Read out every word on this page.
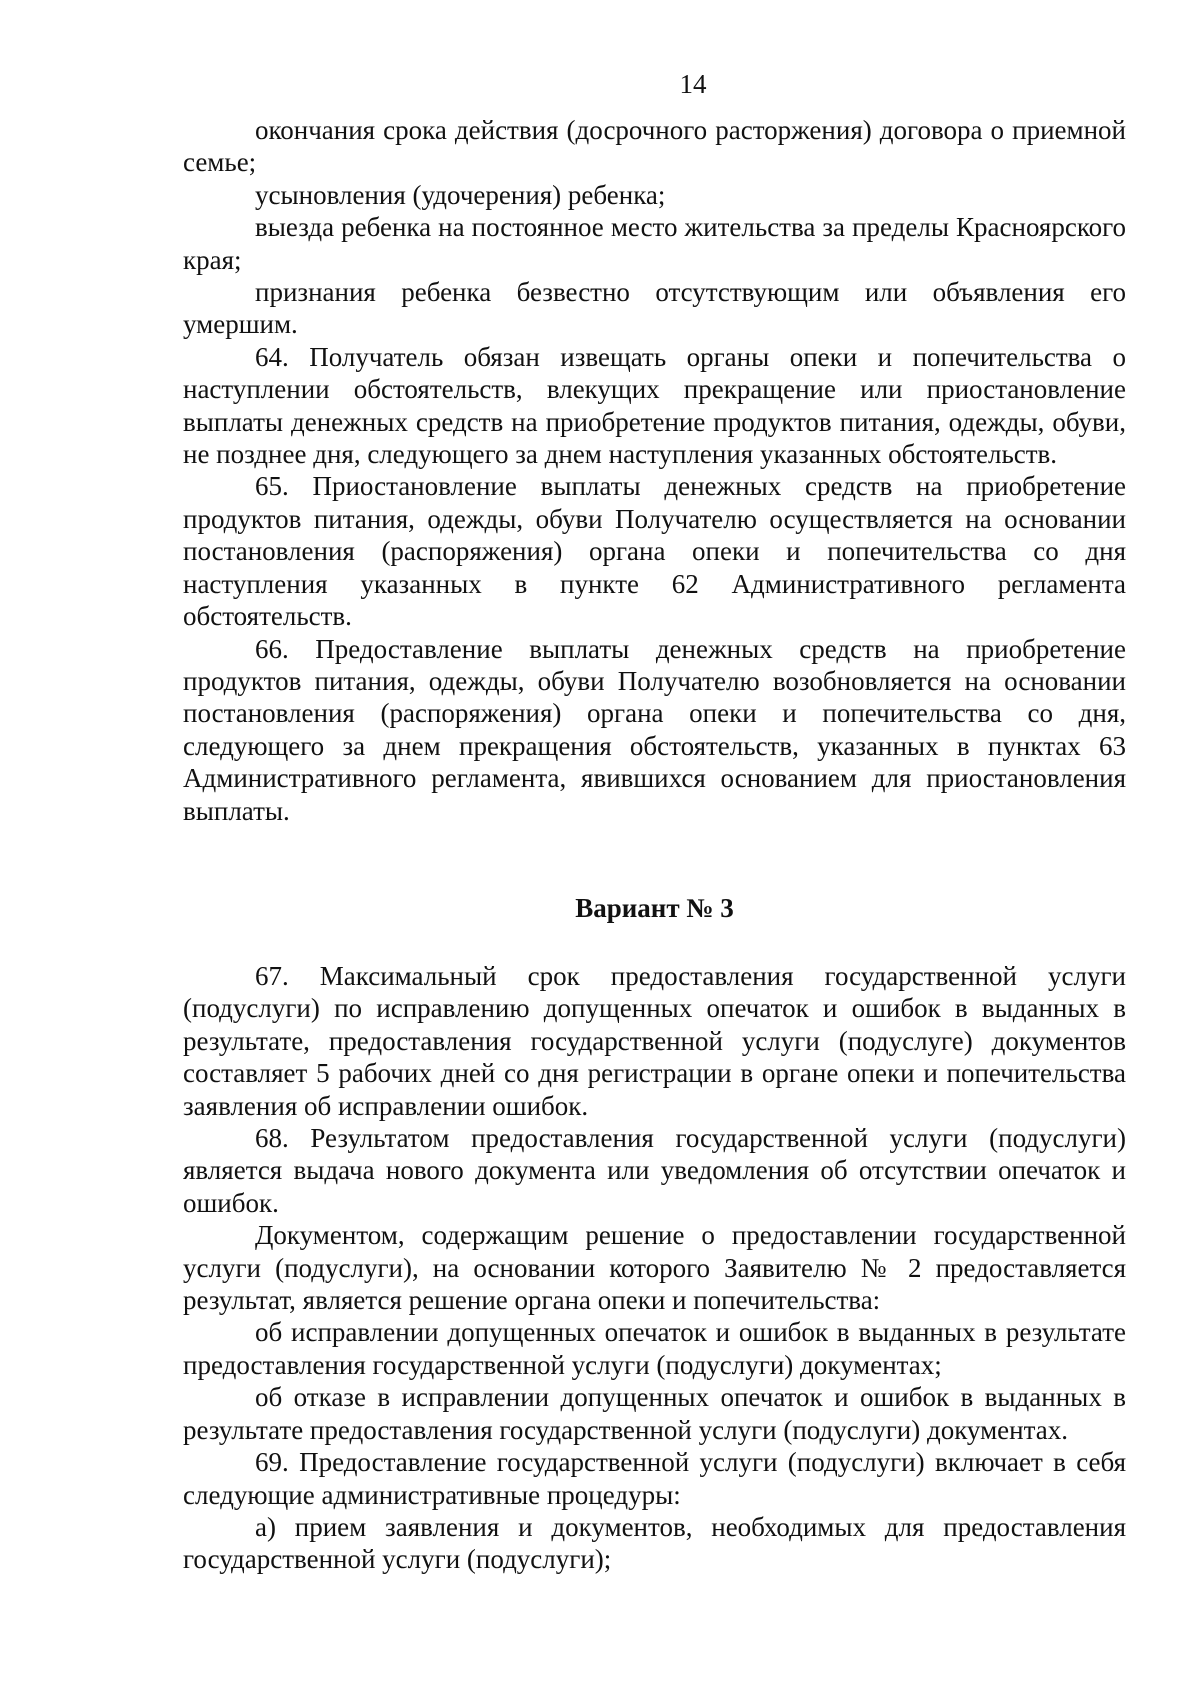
14

окончания срока действия (досрочного расторжения) договора о приемной семье;

усыновления (удочерения) ребенка;

выезда ребенка на постоянное место жительства за пределы Красноярского края;

признания ребенка безвестно отсутствующим или объявления его умершим.

64. Получатель обязан извещать органы опеки и попечительства о наступлении обстоятельств, влекущих прекращение или приостановление выплаты денежных средств на приобретение продуктов питания, одежды, обуви, не позднее дня, следующего за днем наступления указанных обстоятельств.

65. Приостановление выплаты денежных средств на приобретение продуктов питания, одежды, обуви Получателю осуществляется на основании постановления (распоряжения) органа опеки и попечительства со дня наступления указанных в пункте 62 Административного регламента обстоятельств.

66. Предоставление выплаты денежных средств на приобретение продуктов питания, одежды, обуви Получателю возобновляется на основании постановления (распоряжения) органа опеки и попечительства со дня, следующего за днем прекращения обстоятельств, указанных в пунктах 63 Административного регламента, явившихся основанием для приостановления выплаты.

Вариант № 3

67. Максимальный срок предоставления государственной услуги (подуслуги) по исправлению допущенных опечаток и ошибок в выданных в результате, предоставления государственной услуги (подуслуге) документов составляет 5 рабочих дней со дня регистрации в органе опеки и попечительства заявления об исправлении ошибок.

68. Результатом предоставления государственной услуги (подуслуги) является выдача нового документа или уведомления об отсутствии опечаток и ошибок.

Документом, содержащим решение о предоставлении государственной услуги (подуслуги), на основании которого Заявителю № 2 предоставляется результат, является решение органа опеки и попечительства:

об исправлении допущенных опечаток и ошибок в выданных в результате предоставления государственной услуги (подуслуги) документах;

об отказе в исправлении допущенных опечаток и ошибок в выданных в результате предоставления государственной услуги (подуслуги) документах.

69. Предоставление государственной услуги (подуслуги) включает в себя следующие административные процедуры:

а) прием заявления и документов, необходимых для предоставления государственной услуги (подуслуги);
